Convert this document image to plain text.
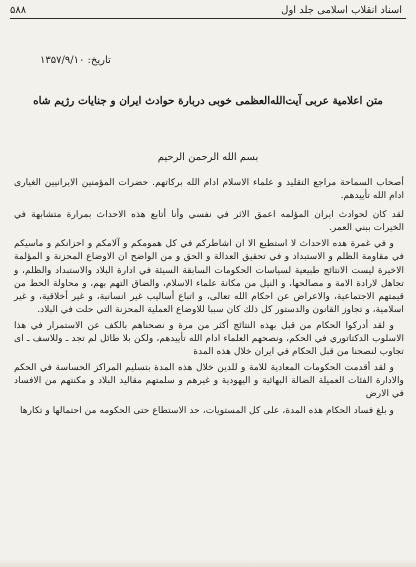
۵۸۸	اسناد انقلاب اسلامی جلد اول
تاریخ: ۱۳۵۷/۹/۱۰
متن اعلامیة عربی آیت‌الله‌العظمی خوبی دربارة حوادث ایران و جنایات رژیم شاه
بسم الله الرحمن الرحيم

أصحاب السماحة مراجع التقليد و علماء الاسلام ادام الله بركاتهم. حضرات المؤمنين الايرانيين الغيارى ادام الله تأييدهم.

لقد كان لحوادث ايران المؤلمه اعمق الاثر في نفسي وأنا أتابع هذه الاحداث بمرارة متشابهة في الخيرات ببني العمر.

و في غمرة هده الاحداث لا استطيع الا ان اشاطركم في كل همومكم و آلامكم و احزانكم و ماسيكم في مقاومة الظلم و الاستبداد و في تحقيق العدالة و الحق و من الواضح ان الاوضاع المحزنة و المؤلمة الاخيرة ليست الانتائج طبيعية لسياسات الحكومات السابقة السيئة في ادارة البلاد والاستبداد والظلم، و تجاهل لارادة الامة و مصالحها، و النيل من مكانة علماء الاسلام، والضاق التهم بهم، و محاولة الحط من قيمتهم الاجتماعية، والاعراض عن احكام الله تعالى، و اتباع أساليب غير انسانية، و غير أخلاقية، و غير اسلامية، و تجاوز القانون والدستور كل ذلك كان سببا للاوضاع العملية المحزنة التي حلت في البلاد.

و لقد أدركوا الحكام من قبل بهذه النتائج أكثر من مرة و نصحناهم بالكف عن الاستمرار في هذا الاسلوب الدكتاتوري في الحكم، ونصحهم العلماء ادام الله تأييدهم، ولكن بلا طائل لم تجد ـ وللاسف ـ اى تجاوب لنصحنا من قبل الحكام في ايران خلال هذه المدة

و لقد أقدمت الحكومات المعادية للامة و للدين خلال هذه المدة بتسليم المراكز الحساسة في الحكم والادارة الفئات العميلة الضالة البهائية و اليهودية و غيرهم و سلمتهم مقاليد البلاد و مكنتهم من الافساد في الارض

و بلغ فساد الحكام هذه المدة، على كل المستويات، حد الاستطاع حتى الحكومه من احتمالها و تكارها
